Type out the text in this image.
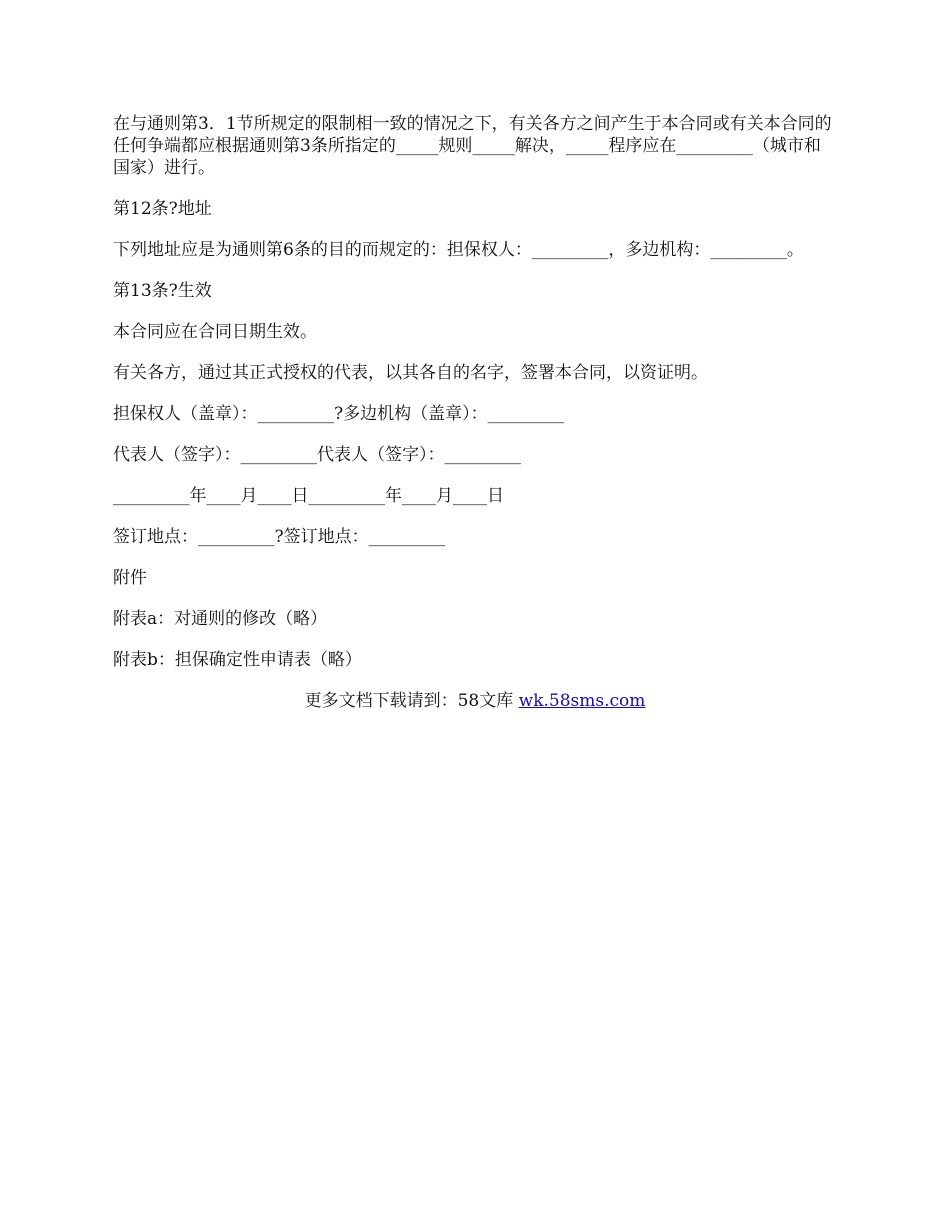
在与通则第3．1节所规定的限制相一致的情况之下，有关各方之间产生于本合同或有关本合同的任何争端都应根据通则第3条所指定的_____规则_____解决，_____程序应在_________（城市和国家）进行。

第12条?地址

下列地址应是为通则第6条的目的而规定的：担保权人：_________，多边机构：_________。

第13条?生效

本合同应在合同日期生效。

有关各方，通过其正式授权的代表，以其各自的名字，签署本合同，以资证明。

担保权人（盖章）：_________?多边机构（盖章）：_________

代表人（签字）：_________代表人（签字）：_________

_________年____月____日_________年____月____日

签订地点：_________?签订地点：_________

附件

附表a：对通则的修改（略）

附表b：担保确定性申请表（略）

更多文档下载请到：58文库 wk.58sms.com
